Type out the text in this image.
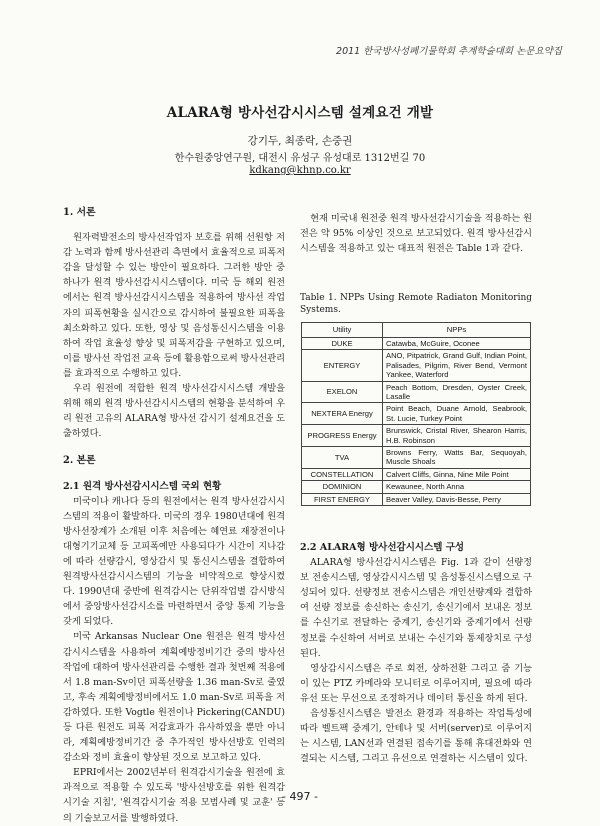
2011 한국방사성폐기물학회 추계학술대회 논문요약집
ALARA형 방사선감시시스템 설계요건 개발
강기두, 최종락, 손중권
한수원중앙연구원, 대전시 유성구 유성대로 1312번길 70
kdkang@khnp.co.kr

1. 서론

원자력발전소의 방사선작업자 보호를 위해 선원항 저감 노력과 함께 방사선관리 측면에서 효율적으로 피폭저감을 달성할 수 있는 방안이 필요하다. 그러한 방안 중 하나가 원격 방사선감시시스템이다. 미국 등 해외 원전에서는 원격 방사선감시시스템을 적용하여 방사선 작업자의 피폭현황을 실시간으로 감시하여 불필요한 피폭을 최소화하고 있다. 또한, 영상 및 음성통신시스템을 이용하여 작업 효율성 향상 및 피폭저감을 구현하고 있으며, 이를 방사선 작업전 교육 등에 활용함으로써 방사선관리를 효과적으로 수행하고 있다.

우리 원전에 적합한 원격 방사선감시시스템 개발을 위해 해외 원격 방사선감시시스템의 현황을 분석하여 우리 원전 고유의 ALARA형 방사선 감시기 설계요건을 도출하였다.

2. 본론

2.1 원격 방사선감시시스템 국외 현황

미국이나 캐나다 등의 원전에서는 원격 방사선감시시스템의 적용이 활발하다. 미국의 경우 1980년대에 원격방사선장계가 소개된 이후 처음에는 혜연료 재장전이나 대형기기교체 등 고피폭예만 사용되다가 시간이 지나감에 따라 선량감시, 영상감시 및 통신시스템을 결합하여 원격방사선감시시스템의 기능을 비약적으로 향상시켰다. 1990년대 중반에 원격감시는 단위작업별 감시방식에서 중앙방사선감시소를 마련하면서 중앙 통제 기능을 갖게 되었다.

미국 Arkansas Nuclear One 원전은 원격 방사선감시시스템을 사용하여 계획예방정비기간 중의 방사선작업에 대하여 방사선관리를 수행한 결과 첫번째 적용에서 1.8 man-Sv이던 피폭선량을 1.36 man-Sv로 줄였고, 후속 계획예방정비에서도 1.0 man-Sv로 피폭을 저감하였다. 또한 Vogtle 원전이나 Pickering(CANDU) 등 다른 원전도 피폭 저감효과가 유사하였을 뿐만 아니라, 계획예방정비기간 중 추가적인 방사선방호 인력의 감소와 정비 효율이 향상된 것으로 보고하고 있다.

EPRI에서는 2002년부터 원격감시기술을 원전에 효과적으로 적용할 수 있도록 '방사선방호를 위한 원격감시기술 지침', '원격감시기술 적용 모범사례 및 교훈' 등의 기술보고서를 발행하였다.

현재 미국내 원전중 원격 방사선감시기술을 적용하는 원전은 약 95% 이상인 것으로 보고되었다. 원격 방사선감시시스템을 적용하고 있는 대표적 원전은 Table 1과 같다.

Table 1. NPPs Using Remote Radiaton Monitoring Systems.
Utility	NPPs
DUKE	Catawba, McGuire, Oconee
ENTERGY	ANO, Pitpatrick, Grand Gulf, Indian Point, Palisades, Pilgrim, River Bend, Vermont Yankee, Waterford
EXELON	Peach Bottom, Dresden, Oyster Creek, Lasalle
NEXTERA Energy	Point Beach, Duane Arnold, Seabrook, St. Lucie, Turkey Point
PROGRESS Energy	Brunswick, Cristal River, Shearon Harris, H.B. Robinson
TVA	Browns Ferry, Watts Bar, Sequoyah, Muscle Shoals
CONSTELLATION	Calvert Cliffs, Ginna, Nine Mile Point
DOMINION	Kewaunee, North Anna
FIRST ENERGY	Beaver Valley, Davis-Besse, Perry

2.2 ALARA형 방사선감시시스템 구성

ALARA형 방사선감시시스템은 Fig. 1과 같이 선량정보 전송시스템, 영상감시시스템 및 음성통신시스템으로 구성되어 있다. 선량정보 전송시스템은 개인선량계와 결합하여 선량 정보를 송신하는 송신기, 송신기에서 보내온 정보를 수신기로 전달하는 중계기, 송신기와 중계기에서 선량정보를 수신하여 서버로 보내는 수신기와 통제장치로 구성된다.

영상감시시스템은 주로 회전, 상하전환 그리고 줌 기능이 있는 PTZ 카메라와 모니터로 이루어지며, 필요에 따라 유선 또는 무선으로 조정하거나 데이터 통신을 하게 된다.

음성통신시스템은 발전소 환경과 적용하는 작업특성에 따라 벨트팩 중계기, 안테나 및 서버(server)로 이루어지는 시스템, LAN선과 연결된 접속기를 통해 휴대전화와 연결되는 시스템, 그리고 유선으로 연결하는 시스템이 있다.

- 497 -
